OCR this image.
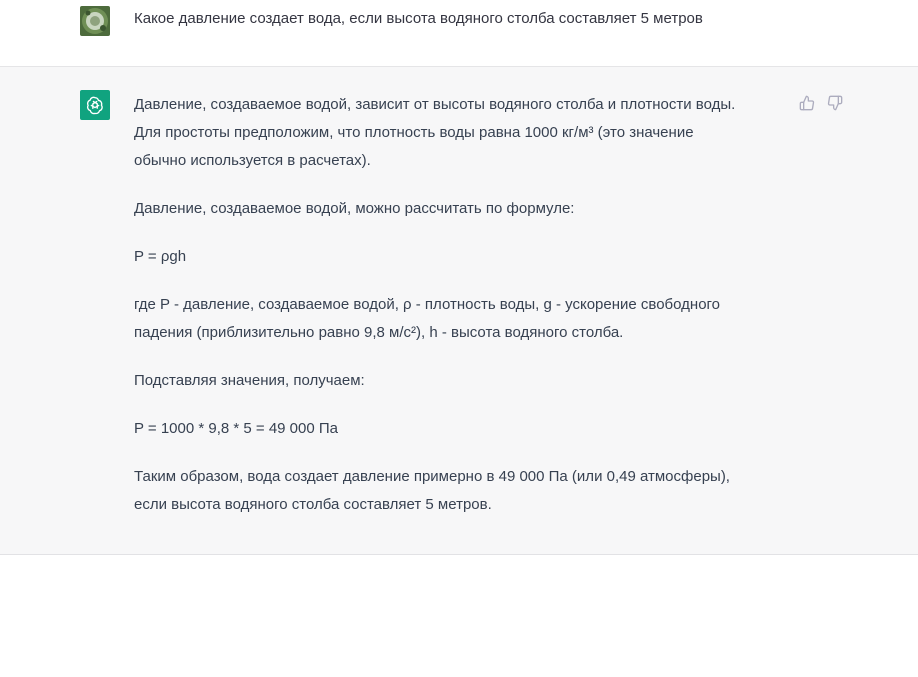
Какое давление создает вода, если высота водяного столба составляет 5 метров

Давление, создаваемое водой, зависит от высоты водяного столба и плотности воды.
Для простоты предположим, что плотность воды равна 1000 кг/м³ (это значение
обычно используется в расчетах).

Давление, создаваемое водой, можно рассчитать по формуле:

P = ρgh

где P - давление, создаваемое водой, ρ - плотность воды, g - ускорение свободного
падения (приблизительно равно 9,8 м/с²), h - высота водяного столба.

Подставляя значения, получаем:

P = 1000 * 9,8 * 5 = 49 000 Па

Таким образом, вода создает давление примерно в 49 000 Па (или 0,49 атмосферы),
если высота водяного столба составляет 5 метров.
